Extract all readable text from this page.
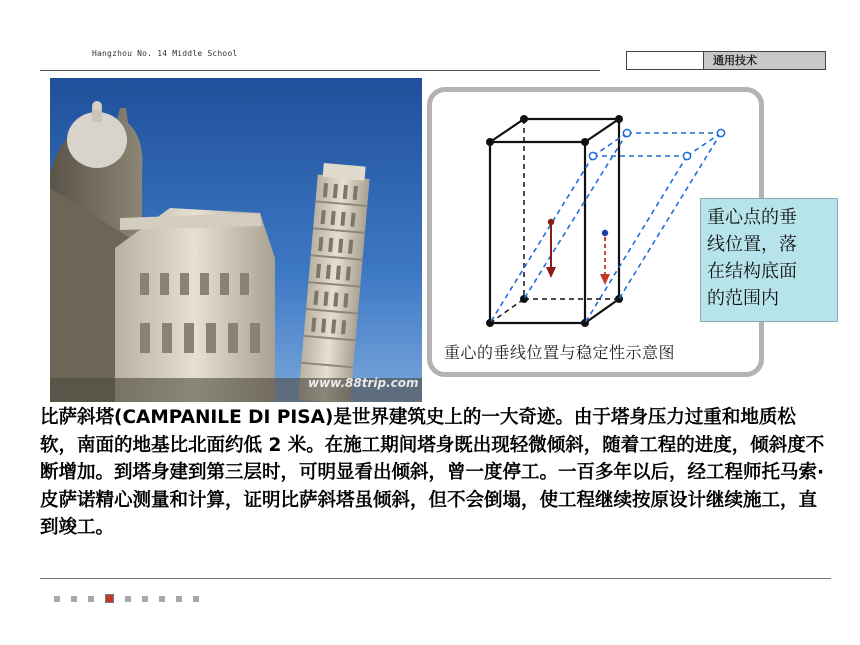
Hangzhou No. 14 Middle School
通用技术
www.88trip.com
重心的垂线位置与稳定性示意图
重心点的垂
线位置，落
在结构底面
的范围内
比萨斜塔(CAMPANILE DI PISA)是世界建筑史上的一大奇迹。由于塔身压力过重和地质松软，南面的地基比北面约低 2 米。在施工期间塔身既出现轻微倾斜，随着工程的进度，倾斜度不断增加。到塔身建到第三层时，可明显看出倾斜，曾一度停工。一百多年以后，经工程师托马索·皮萨诺精心测量和计算，证明比萨斜塔虽倾斜，但不会倒塌，使工程继续按原设计继续施工，直到竣工。
